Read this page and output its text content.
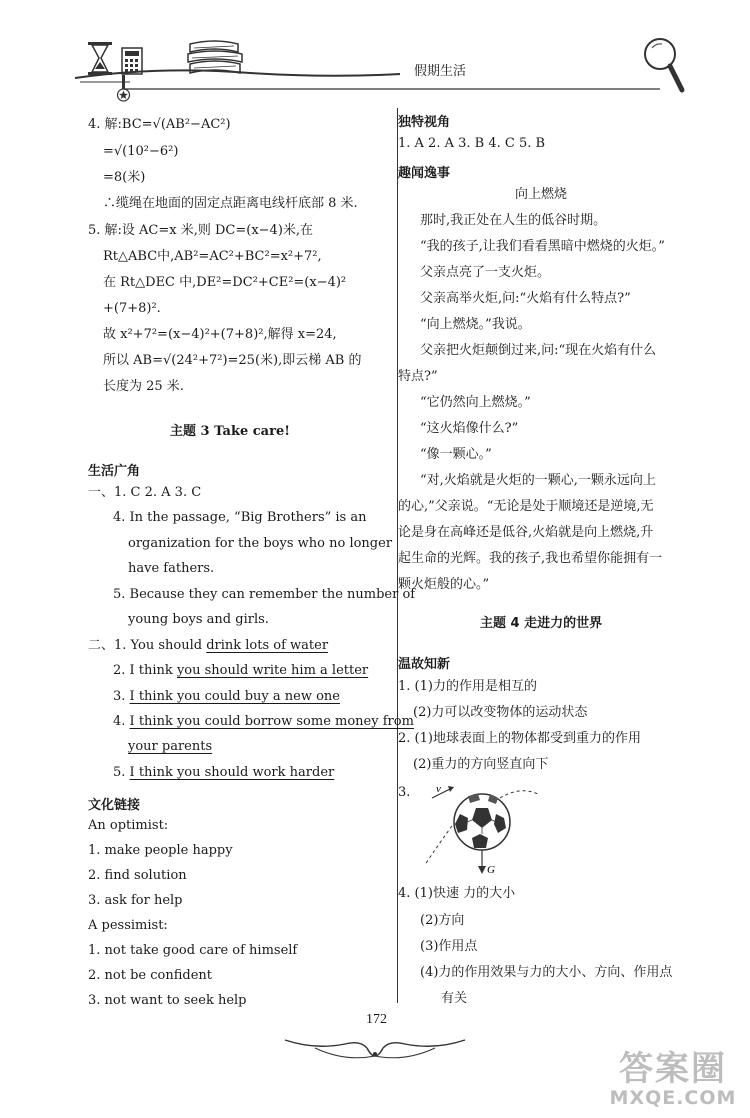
假期生活
4. 解:BC=√(AB²−AC²)
=√(10²−6²)
=8(米)
∴缆绳在地面的固定点距离电线杆底部 8 米.
5. 解:设 AC=x 米,则 DC=(x−4)米,在
Rt△ABC中,AB²=AC²+BC²=x²+7²,
在 Rt△DEC 中,DE²=DC²+CE²=(x−4)²
+(7+8)².
故 x²+7²=(x−4)²+(7+8)²,解得 x=24,
所以 AB=√(24²+7²)=25(米),即云梯 AB 的
长度为 25 米.
主题 3 Take care!
生活广角
一、1. C 2. A 3. C
4. In the passage, “Big Brothers” is an
organization for the boys who no longer
have fathers.
5. Because they can remember the number of
young boys and girls.
二、1. You should drink lots of water
2. I think you should write him a letter
3. I think you could buy a new one
4. I think you could borrow some money from
your parents
5. I think you should work harder
文化链接
An optimist:
1. make people happy
2. find solution
3. ask for help
A pessimist:
1. not take good care of himself
2. not be confident
3. not want to seek help
独特视角
1. A 2. A 3. B 4. C 5. B
趣闻逸事
向上燃烧
那时,我正处在人生的低谷时期。
“我的孩子,让我们看看黑暗中燃烧的火炬。”
父亲点亮了一支火炬。
父亲高举火炬,问:“火焰有什么特点?”
“向上燃烧。”我说。
父亲把火炬颠倒过来,问:“现在火焰有什么
特点?”
“它仍然向上燃烧。”
“这火焰像什么?”
“像一颗心。”
“对,火焰就是火炬的一颗心,一颗永远向上
的心,”父亲说。“无论是处于顺境还是逆境,无
论是身在高峰还是低谷,火焰就是向上燃烧,升
起生命的光辉。我的孩子,我也希望你能拥有一
颗火炬般的心。”
主题 4 走进力的世界
温故知新
1. (1)力的作用是相互的
(2)力可以改变物体的运动状态
2. (1)地球表面上的物体都受到重力的作用
(2)重力的方向竖直向下
3. v
G
4. (1)快速 力的大小
(2)方向
(3)作用点
(4)力的作用效果与力的大小、方向、作用点
有关
172
答案圈
MXQE.COM
